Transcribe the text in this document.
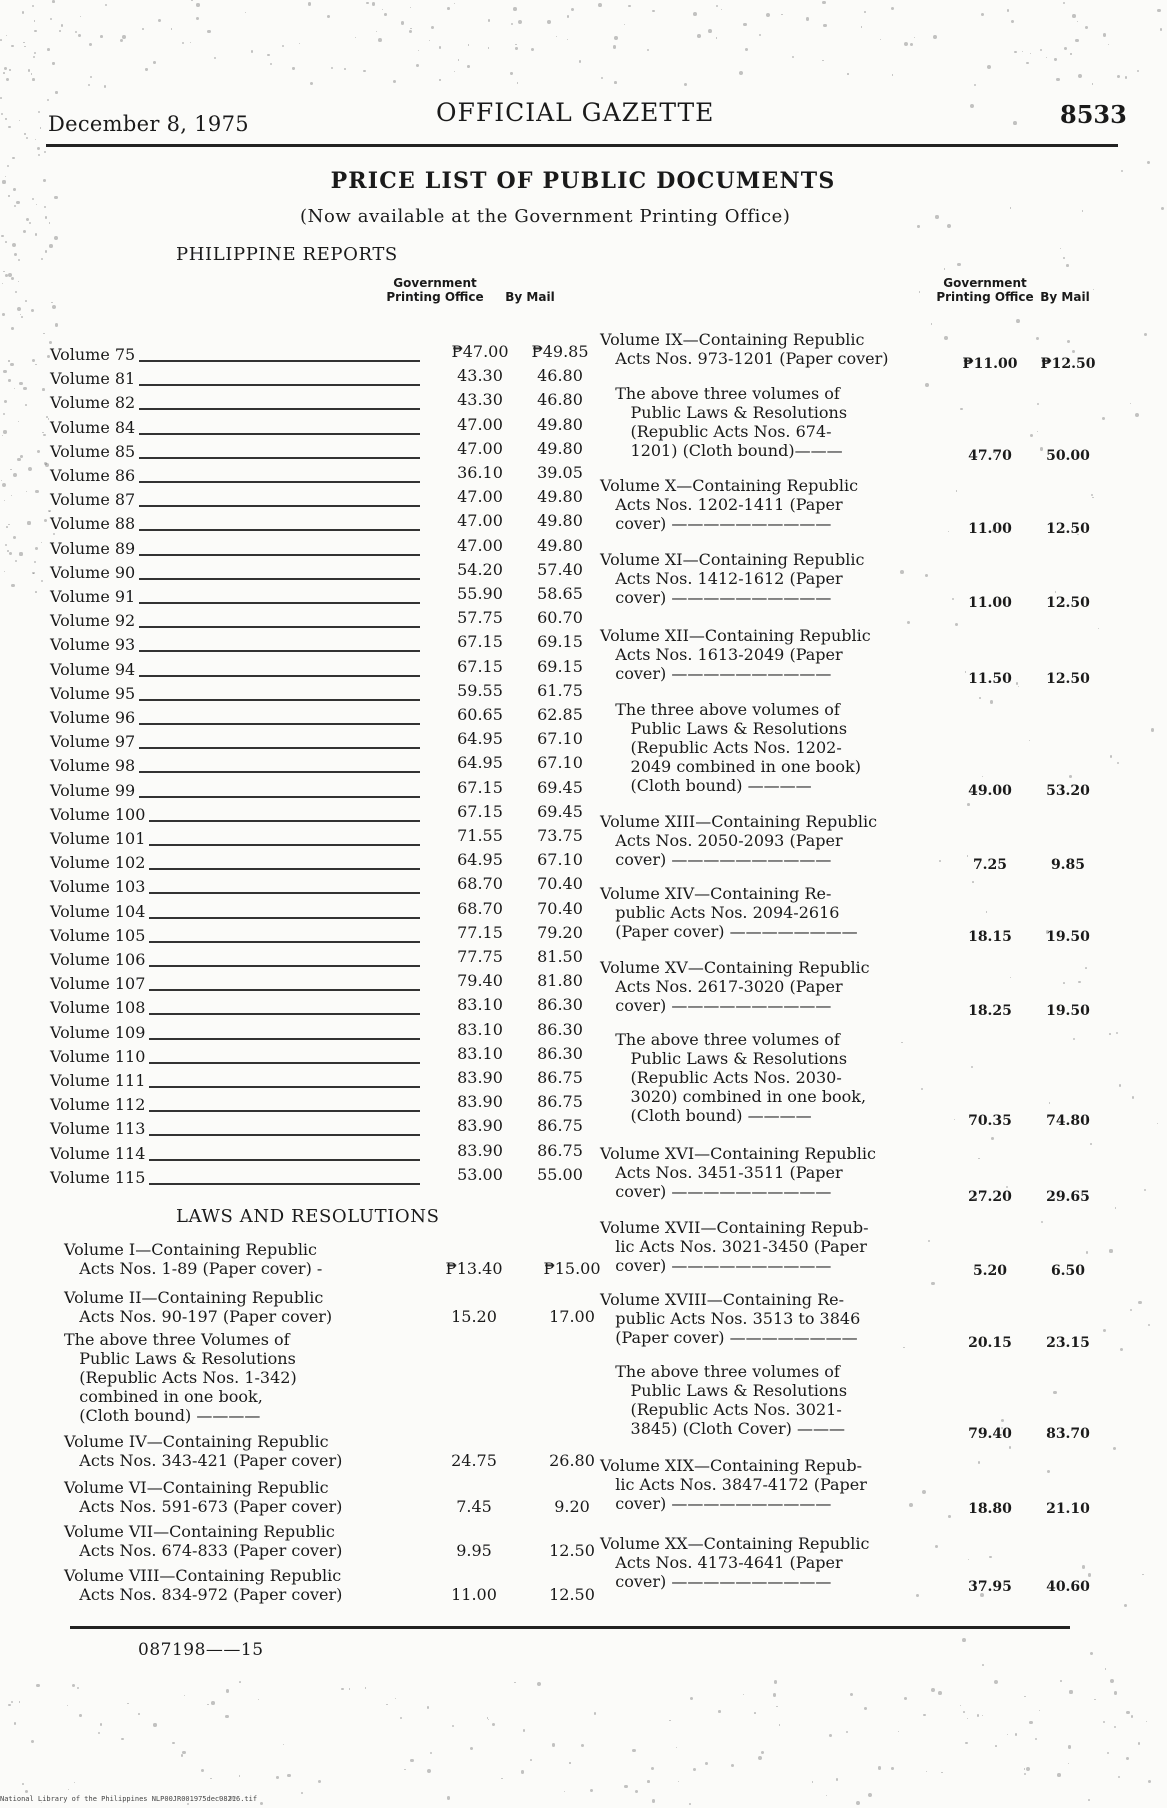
December 8, 1975	OFFICIAL GAZETTE	8533
PRICE LIST OF PUBLIC DOCUMENTS
(Now available at the Government Printing Office)
PHILIPPINE REPORTS
Government Printing Office	By Mail
Government Printing Office By Mail
Volume 75	₱47.00	₱49.85
Volume 81	43.30	46.80
Volume 82	43.30	46.80
Volume 84	47.00	49.80
Volume 85	47.00	49.80
Volume 86	36.10	39.05
Volume 87	47.00	49.80
Volume 88	47.00	49.80
Volume 89	47.00	49.80
Volume 90	54.20	57.40
Volume 91	55.90	58.65
Volume 92	57.75	60.70
Volume 93	67.15	69.15
Volume 94	67.15	69.15
Volume 95	59.55	61.75
Volume 96	60.65	62.85
Volume 97	64.95	67.10
Volume 98	64.95	67.10
Volume 99	67.15	69.45
Volume 100	67.15	69.45
Volume 101	71.55	73.75
Volume 102	64.95	67.10
Volume 103	68.70	70.40
Volume 104	68.70	70.40
Volume 105	77.15	79.20
Volume 106	77.75	81.50
Volume 107	79.40	81.80
Volume 108	83.10	86.30
Volume 109	83.10	86.30
Volume 110	83.10	86.30
Volume 111	83.90	86.75
Volume 112	83.90	86.75
Volume 113	83.90	86.75
Volume 114	83.90	86.75
Volume 115	53.00	55.00
LAWS AND RESOLUTIONS
Volume I—Containing Republic
Acts Nos. 1-89 (Paper cover) -	₱13.40	₱15.00
Volume II—Containing Republic
Acts Nos. 90-197 (Paper cover)	15.20	17.00
The above three Volumes of
Public Laws & Resolutions
(Republic Acts Nos. 1-342)
combined in one book,
(Cloth bound) ————
Volume IV—Containing Republic
Acts Nos. 343-421 (Paper cover)	24.75	26.80
Volume VI—Containing Republic
Acts Nos. 591-673 (Paper cover)	7.45	9.20
Volume VII—Containing Republic
Acts Nos. 674-833 (Paper cover)	9.95	12.50
Volume VIII—Containing Republic
Acts Nos. 834-972 (Paper cover)	11.00	12.50
Volume IX—Containing Republic
Acts Nos. 973-1201 (Paper cover)	₱11.00	₱12.50
The above three volumes of
Public Laws & Resolutions
(Republic Acts Nos. 674-
1201) (Cloth bound)———	47.70	50.00
Volume X—Containing Republic
Acts Nos. 1202-1411 (Paper
cover) ——————————	11.00	12.50
Volume XI—Containing Republic
Acts Nos. 1412-1612 (Paper
cover) ——————————	11.00	12.50
Volume XII—Containing Republic
Acts Nos. 1613-2049 (Paper
cover) ——————————	11.50	12.50
The three above volumes of
Public Laws & Resolutions
(Republic Acts Nos. 1202-
2049 combined in one book)
(Cloth bound) ————	49.00	53.20
Volume XIII—Containing Republic
Acts Nos. 2050-2093 (Paper
cover) ——————————	7.25	9.85
Volume XIV—Containing Re-
public Acts Nos. 2094-2616
(Paper cover) ————————	18.15	19.50
Volume XV—Containing Republic
Acts Nos. 2617-3020 (Paper
cover) ——————————	18.25	19.50
The above three volumes of
Public Laws & Resolutions
(Republic Acts Nos. 2030-
3020) combined in one book,
(Cloth bound) ————	70.35	74.80
Volume XVI—Containing Republic
Acts Nos. 3451-3511 (Paper
cover) ——————————	27.20	29.65
Volume XVII—Containing Repub-
lic Acts Nos. 3021-3450 (Paper
cover) ——————————	5.20	6.50
Volume XVIII—Containing Re-
public Acts Nos. 3513 to 3846
(Paper cover) ————————	20.15	23.15
The above three volumes of
Public Laws & Resolutions
(Republic Acts Nos. 3021-
3845) (Cloth Cover) ———	79.40	83.70
Volume XIX—Containing Repub-
lic Acts Nos. 3847-4172 (Paper
cover) ——————————	18.80	21.10
Volume XX—Containing Republic
Acts Nos. 4173-4641 (Paper
cover) ——————————	37.95	40.60
087198——15
National Library of the Philippines NLP00JR001975dec08216.tif
